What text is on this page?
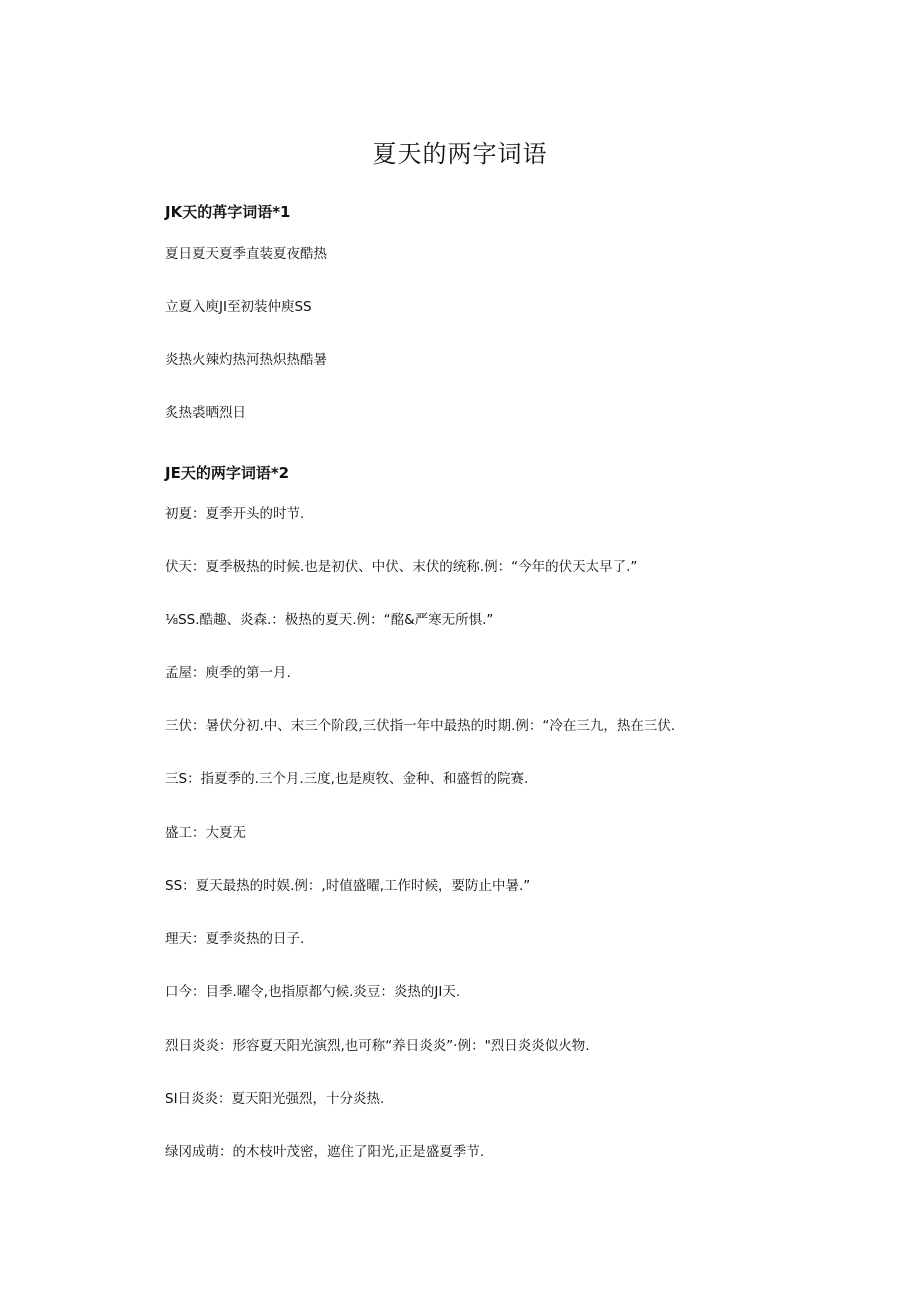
夏天的两字词语

JK天的苒字词语*1

夏日夏天夏季直装夏夜酷热

立夏入庾JI至初装仲庾SS

炎热火辣灼热河热炽热酷暑

炙热裘晒烈日

JE天的两字词语*2

初夏：夏季开头的时节.

伏天：夏季极热的时候.也是初伏、中伏、末伏的统称.例：“今年的伏天太早了.”

⅛SS.酷趣、炎森.：极热的夏天.例：“酩&严寒无所惧.”

孟屋：庾季的第一月.

三伏：暑伏分初.中、末三个阶段,三伏指一年中最热的时期.例：“冷在三九，热在三伏.

三S：指夏季的.三个月.三度,也是庾牧、金种、和盛哲的院赛.

盛工：大夏无

SS：夏天最热的时娱.例：,时值盛曜,工作时候，要防止中暑.”

理天：夏季炎热的日子.

口今：目季.曜令,也指原都勺候.炎豆：炎热的JI天.

烈日炎炎：形容夏天阳光演烈,也可称“养日炎炎”·例："烈日炎炎似火物.

SI日炎炎：夏天阳光强烈，十分炎热.

绿冈成萌：的木枝叶茂密，遮住了阳光,正是盛夏季节.
